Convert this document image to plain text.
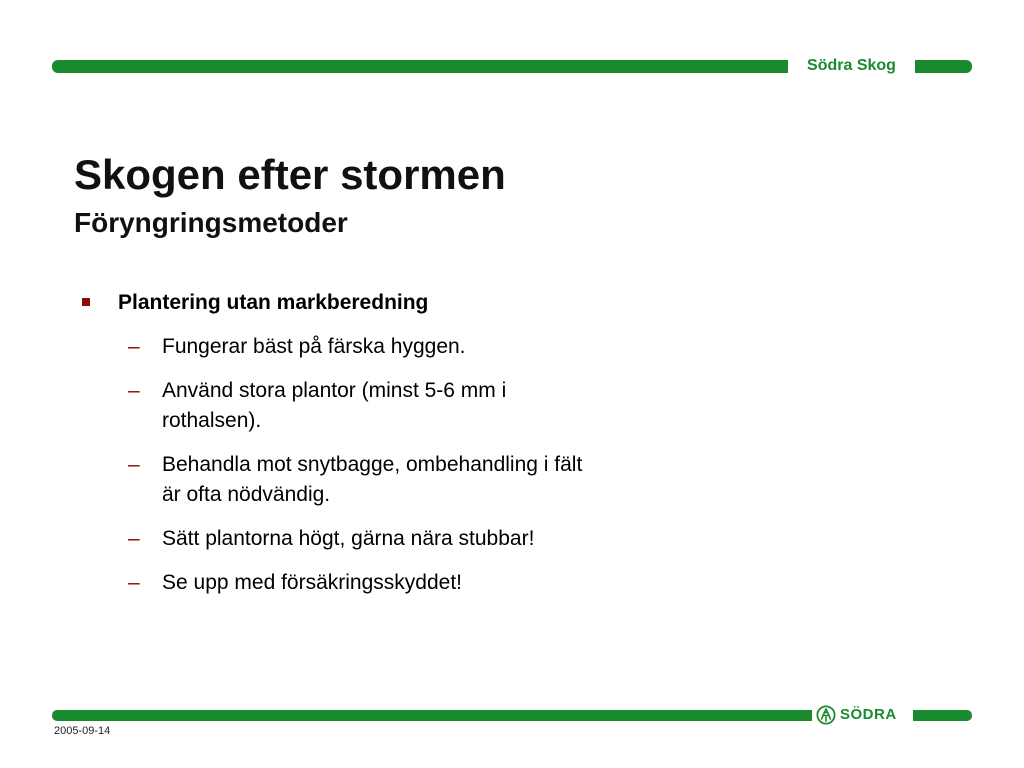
Södra Skog
Skogen efter stormen
Föryngringsmetoder
Plantering utan markberedning
– Fungerar bäst på färska hyggen.
– Använd stora plantor (minst 5-6 mm i rothalsen).
– Behandla mot snytbagge, ombehandling i fält är ofta nödvändig.
– Sätt plantorna högt, gärna nära stubbar!
– Se upp med försäkringsskyddet!
SÖDRA
2005-09-14
